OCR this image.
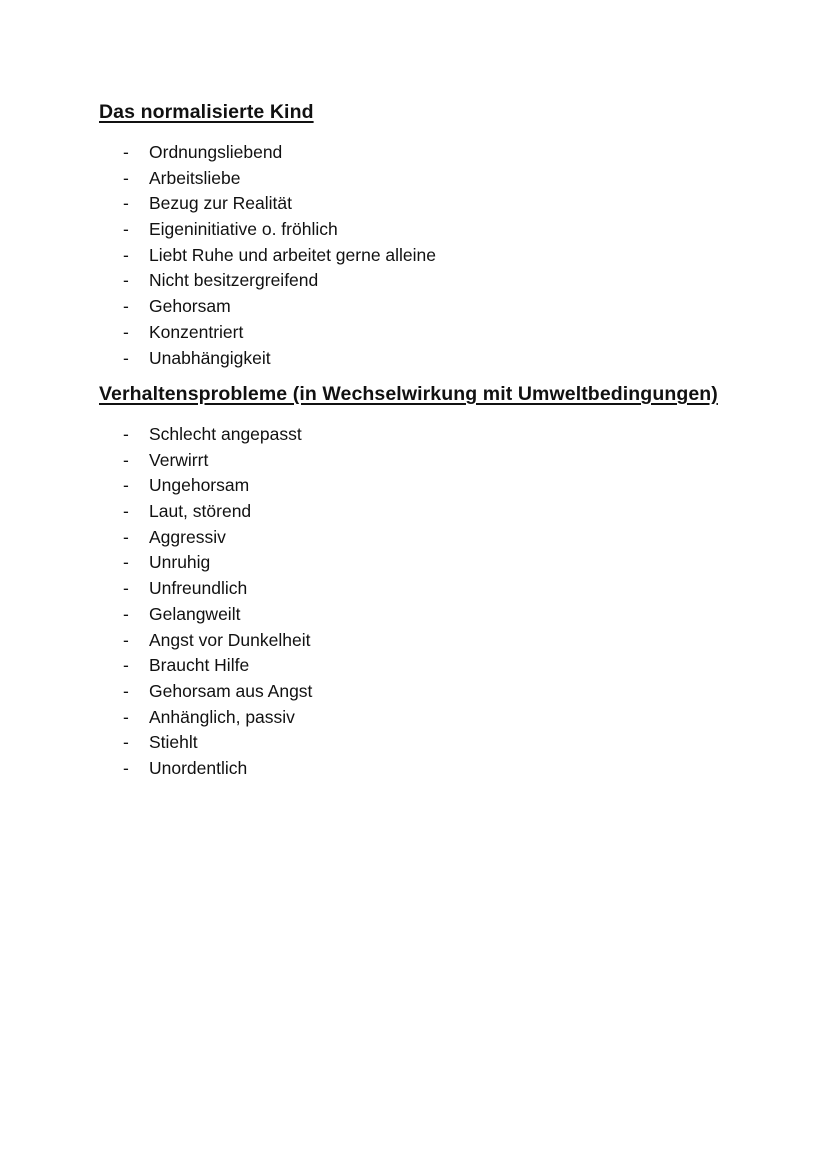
Das normalisierte Kind
- Ordnungsliebend
- Arbeitsliebe
- Bezug zur Realität
- Eigeninitiative o. fröhlich
- Liebt Ruhe und arbeitet gerne alleine
- Nicht besitzergreifend
- Gehorsam
- Konzentriert
- Unabhängigkeit
Verhaltensprobleme (in Wechselwirkung mit Umweltbedingungen)
- Schlecht angepasst
- Verwirrt
- Ungehorsam
- Laut, störend
- Aggressiv
- Unruhig
- Unfreundlich
- Gelangweilt
- Angst vor Dunkelheit
- Braucht Hilfe
- Gehorsam aus Angst
- Anhänglich, passiv
- Stiehlt
- Unordentlich
